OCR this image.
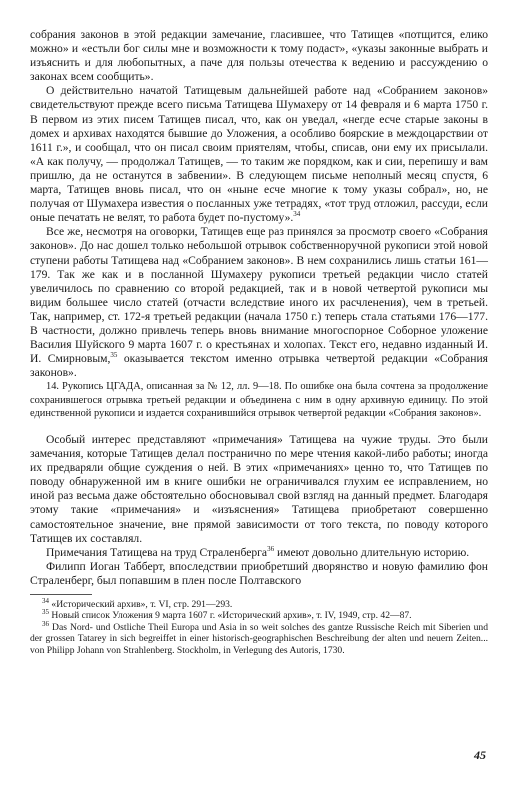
собрания законов в этой редакции замечание, гласившее, что Татищев «потщится, елико можно» и «естьли бог силы мне и возможности к тому подаст», «указы законные выбрать и изъяснить и для любопытных, а паче для пользы отечества к ведению и рассуждению о законах всем сообщить».

О действительно начатой Татищевым дальнейшей работе над «Собранием законов» свидетельствуют прежде всего письма Татищева Шумахеру от 14 февраля и 6 марта 1750 г. В первом из этих писем Татищев писал, что, как он уведал, «негде есче старые законы в домех и архивах находятся бывшие до Уложения, а особливо боярские в междоцарствии от 1611 г.», и сообщал, что он писал своим приятелям, чтобы, списав, они ему их присылали. «А как получу, — продолжал Татищев, — то таким же порядком, как и сии, перепишу и вам пришлю, да не останутся в забвении». В следующем письме неполный месяц спустя, 6 марта, Татищев вновь писал, что он «ныне есче многие к тому указы собрал», но, не получая от Шумахера известия о посланных уже тетрадях, «тот труд отложил, рассуди, если оные печатать не велят, то работа будет по-пустому».$^{34}$

Все же, несмотря на оговорки, Татищев еще раз принялся за просмотр своего «Собрания законов». До нас дошел только небольшой отрывок собственноручной рукописи этой новой ступени работы Татищева над «Собранием законов». В нем сохранились лишь статьи 161—179. Так же как и в посланной Шумахеру рукописи третьей редакции число статей увеличилось по сравнению со второй редакцией, так и в новой четвертой рукописи мы видим большее число статей (отчасти вследствие иного их расчленения), чем в третьей. Так, например, ст. 172-я третьей редакции (начала 1750 г.) теперь стала статьями 176—177. В частности, должно привлечь теперь вновь внимание многоспорное Соборное уложение Василия Шуйского 9 марта 1607 г. о крестьянах и холопах. Текст его, недавно изданный И. И. Смирновым,$^{35}$ оказывается текстом именно отрывка четвертой редакции «Собрания законов».

14. Рукопись ЦГАДА, описанная за № 12, лл. 9—18. По ошибке она была сочтена за продолжение сохранившегося отрывка третьей редакции и объединена с ним в одну архивную единицу. По этой единственной рукописи и издается сохранившийся отрывок четвертой редакции «Собрания законов».

Особый интерес представляют «примечания» Татищева на чужие труды. Это были замечания, которые Татищев делал постранично по мере чтения какой-либо работы; иногда их предваряли общие суждения о ней. В этих «примечаниях» ценно то, что Татищев по поводу обнаруженной им в книге ошибки не ограничивался глухим ее исправлением, но иной раз весьма даже обстоятельно обосновывал свой взгляд на данный предмет. Благодаря этому такие «примечания» и «изъяснения» Татищева приобретают совершенно самостоятельное значение, вне прямой зависимости от того текста, по поводу которого Татищев их составлял.

Примечания Татищева на труд Страленберга$^{36}$ имеют довольно длительную историю.

Филипп Иоган Табберт, впоследствии приобретший дворянство и новую фамилию фон Страленберг, был попавшим в плен после Полтавского

$^{34}$ «Исторический архив», т. VI, стр. 291—293.

$^{35}$ Новый список Уложения 9 марта 1607 г. «Исторический архив», т. IV, 1949, стр. 42—87.

$^{36}$ Das Nord- und Ostliche Theil Europa und Asia in so weit solches des gantze Russische Reich mit Siberien und der grossen Tatarey in sich begreiffet in einer historisch-geographischen Beschreibung der alten und neuern Zeiten... von Philipp Johann von Strahlenberg. Stockholm, in Verlegung des Autoris, 1730.

45
